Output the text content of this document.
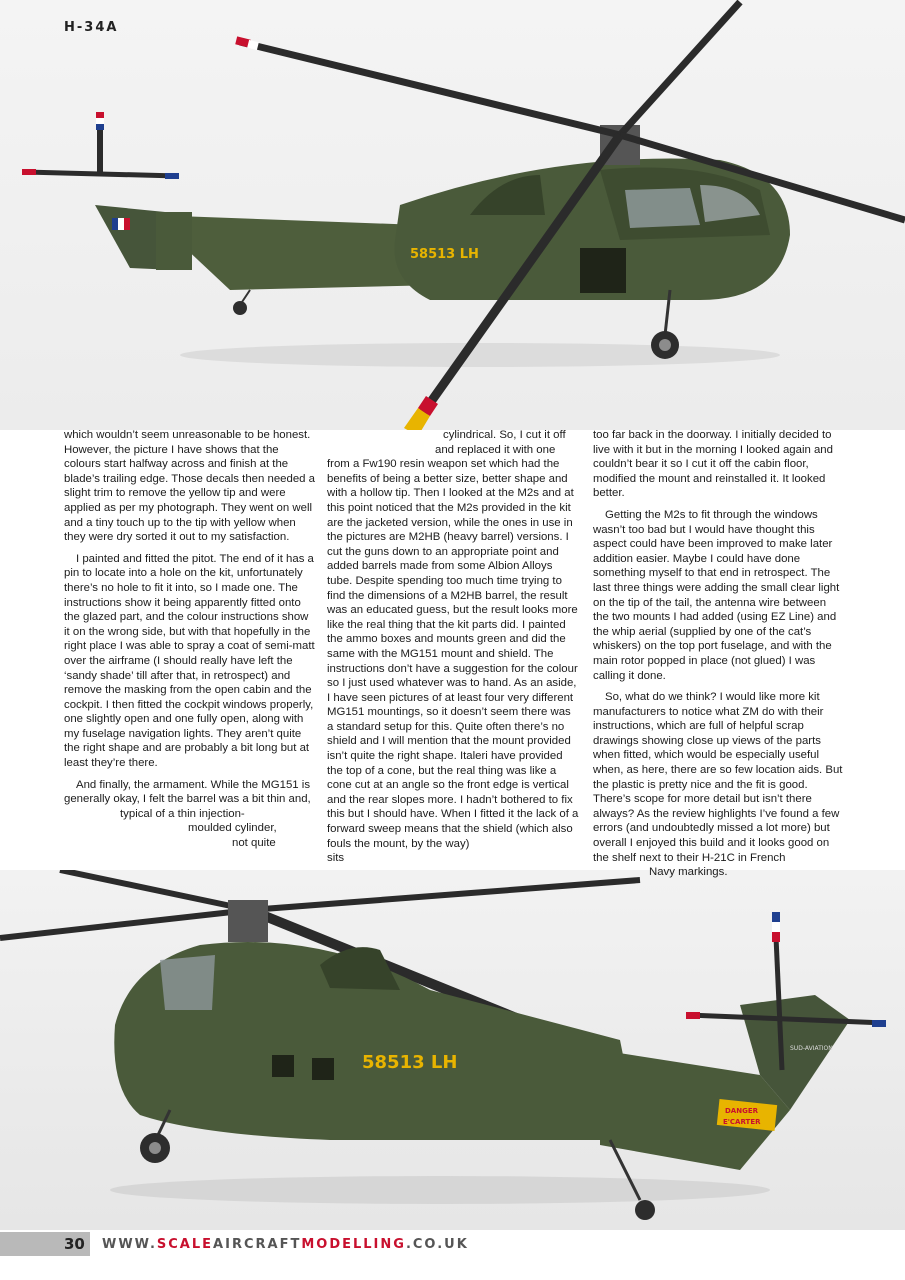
58513 LH
58513 LH
DANGER
E'CARTER
SUD-AVIATION
H-34A

which wouldn’t seem unreasonable to be honest. However, the picture I have shows that the colours start halfway across and finish at the blade’s trailing edge. Those decals then needed a slight trim to remove the yellow tip and were applied as per my photograph. They went on well and a tiny touch up to the tip with yellow when they were dry sorted it out to my satisfaction.

I painted and fitted the pitot. The end of it has a pin to locate into a hole on the kit, unfortunately there’s no hole to fit it into, so I made one. The instructions show it being apparently fitted onto the glazed part, and the colour instructions show it on the wrong side, but with that hopefully in the right place I was able to spray a coat of semi-matt over the airframe (I should really have left the ‘sandy shade’ till after that, in retrospect) and remove the masking from the open cabin and the cockpit. I then fitted the cockpit windows properly, one slightly open and one fully open, along with my fuselage navigation lights. They aren’t quite the right shape and are probably a bit long but at least they’re there.

And finally, the armament. While the MG151 is generally okay, I felt the barrel was a bit thin and,
typical of a thin injection-
moulded cylinder,
not quite

cylindrical. So, I cut it off
and replaced it with one

from a Fw190 resin weapon set which had the benefits of being a better size, better shape and with a hollow tip. Then I looked at the M2s and at this point noticed that the M2s provided in the kit are the jacketed version, while the ones in use in the pictures are M2HB (heavy barrel) versions. I cut the guns down to an appropriate point and added barrels made from some Albion Alloys tube. Despite spending too much time trying to find the dimensions of a M2HB barrel, the result was an educated guess, but the result looks more like the real thing that the kit parts did. I painted the ammo boxes and mounts green and did the same with the MG151 mount and shield. The instructions don’t have a suggestion for the colour so I just used whatever was to hand. As an aside, I have seen pictures of at least four very different MG151 mountings, so it doesn’t seem there was a standard setup for this. Quite often there’s no shield and I will mention that the mount provided isn’t quite the right shape. Italeri have provided the top of a cone, but the real thing was like a cone cut at an angle so the front edge is vertical and the rear slopes more. I hadn’t bothered to fix this but I should have. When I fitted it the lack of a forward sweep means that the shield (which also fouls the mount, by the way)

sits

too far back in the doorway. I initially decided to live with it but in the morning I looked again and couldn’t bear it so I cut it off the cabin floor, modified the mount and reinstalled it. It looked better.

Getting the M2s to fit through the windows wasn’t too bad but I would have thought this aspect could have been improved to make later addition easier. Maybe I could have done something myself to that end in retrospect. The last three things were adding the small clear light on the tip of the tail, the antenna wire between the two mounts I had added (using EZ Line) and the whip aerial (supplied by one of the cat’s whiskers) on the top port fuselage, and with the main rotor popped in place (not glued) I was calling it done.

So, what do we think? I would like more kit manufacturers to notice what ZM do with their instructions, which are full of helpful scrap drawings showing close up views of the parts when fitted, which would be especially useful when, as here, there are so few location aids. But the plastic is pretty nice and the fit is good. There’s scope for more detail but isn’t there always? As the review highlights I’ve found a few errors (and undoubtedly missed a lot more) but overall I enjoyed this build and it looks good on the shelf next to their H-21C in French

Navy markings.
30 WWW.SCALEAIRCRAFTMODELLING.CO.UK
